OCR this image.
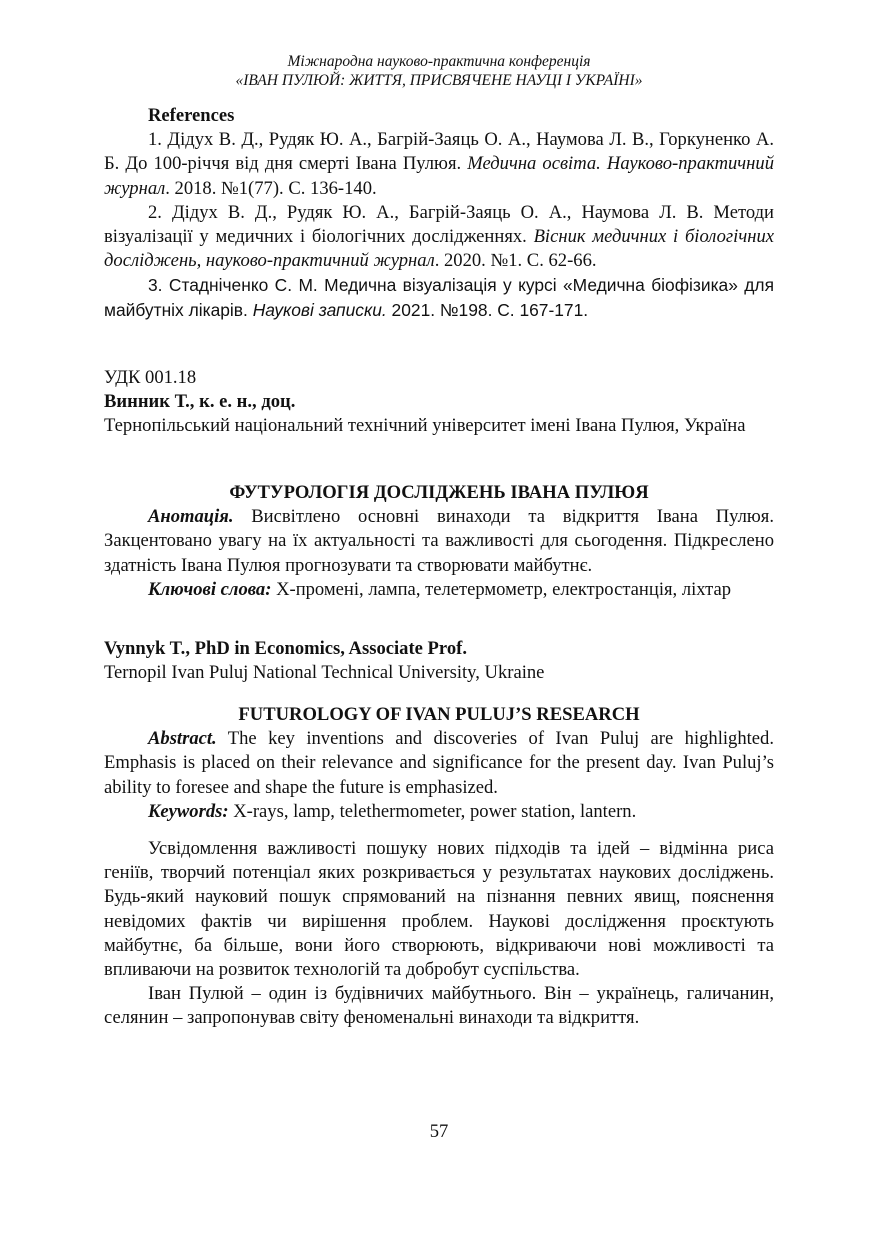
Міжнародна науково-практична конференція
«ІВАН ПУЛЮЙ: ЖИТТЯ, ПРИСВЯЧЕНЕ НАУЦІ І УКРАЇНІ»

References

1. Дідух В. Д., Рудяк Ю. А., Багрій-Заяць О. А., Наумова Л. В., Горкуненко А. Б. До 100-річчя від дня смерті Івана Пулюя. Медична освіта. Науково-практичний журнал. 2018. №1(77). С. 136-140.

2. Дідух В. Д., Рудяк Ю. А., Багрій-Заяць О. А., Наумова Л. В. Методи візуалізації у медичних і біологічних дослідженнях. Вісник медичних і біологічних досліджень, науково-практичний журнал. 2020. №1. С. 62-66.

3. Стадніченко С. М. Медична візуалізація у курсі «Медична біофізика» для майбутніх лікарів. Наукові записки. 2021. №198. С. 167-171.

УДК 001.18

Винник Т., к. е. н., доц.

Тернопільський національний технічний університет імені Івана Пулюя, Україна

ФУТУРОЛОГІЯ ДОСЛІДЖЕНЬ ІВАНА ПУЛЮЯ

Анотація. Висвітлено основні винаходи та відкриття Івана Пулюя. Закцентовано увагу на їх актуальності та важливості для сьогодення. Підкреслено здатність Івана Пулюя прогнозувати та створювати майбутнє.

Ключові слова: Х-промені, лампа, телетермометр, електростанція, ліхтар

Vynnyk T., PhD in Economics, Associate Prof.

Ternopil Ivan Puluj National Technical University, Ukraine

FUTUROLOGY OF IVAN PULUJ’S RESEARCH

Abstract. The key inventions and discoveries of Ivan Puluj are highlighted. Emphasis is placed on their relevance and significance for the present day. Ivan Puluj’s ability to foresee and shape the future is emphasized.

Keywords: X-rays, lamp, telethermometer, power station, lantern.

Усвідомлення важливості пошуку нових підходів та ідей – відмінна риса геніїв, творчий потенціал яких розкривається у результатах наукових досліджень. Будь-який науковий пошук спрямований на пізнання певних явищ, пояснення невідомих фактів чи вирішення проблем. Наукові дослідження проєктують майбутнє, ба більше, вони його створюють, відкриваючи нові можливості та впливаючи на розвиток технологій та добробут суспільства.

Іван Пулюй – один із будівничих майбутнього. Він – українець, галичанин, селянин – запропонував світу феноменальні винаходи та відкриття.

57
